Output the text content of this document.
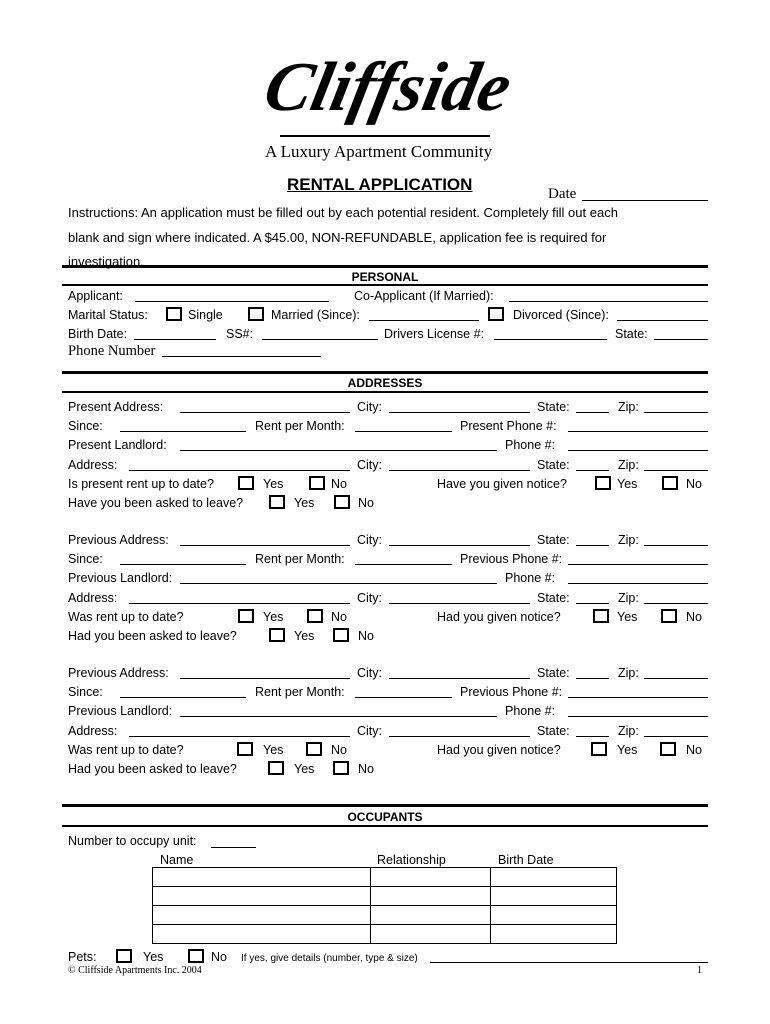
Cliffside
A Luxury Apartment Community
RENTAL APPLICATION	Date
Instructions: An application must be filled out by each potential resident. Completely fill out each
blank and sign where indicated. A $45.00, NON-REFUNDABLE, application fee is required for
investigation.
PERSONAL
Applicant:	Co-Applicant (If Married):
Marital Status:	Single	Married (Since):	Divorced (Since):
Birth Date:	SS#:	Drivers License #:	State:
Phone Number
ADDRESSES
Present Address:	City:	State:	Zip:
Since:	Rent per Month:	Present Phone #:
Present Landlord:	Phone #:
Address:	City:	State:	Zip:
Is present rent up to date?	Yes	No	Have you given notice?	Yes	No
Have you been asked to leave?	Yes	No
Previous Address:	City:	State:	Zip:
Since:	Rent per Month:	Previous Phone #:
Previous Landlord:	Phone #:
Address:	City:	State:	Zip:
Was rent up to date?	Yes	No	Had you given notice?	Yes	No
Had you been asked to leave?	Yes	No
Previous Address:	City:	State:	Zip:
Since:	Rent per Month:	Previous Phone #:
Previous Landlord:	Phone #:
Address:	City:	State:	Zip:
Was rent up to date?	Yes	No	Had you given notice?	Yes	No
Had you been asked to leave?	Yes	No
OCCUPANTS
Number to occupy unit:
Name	Relationship	Birth Date

Pets:	Yes	No If yes, give details (number, type & size)
© Cliffside Apartments Inc. 2004	1
